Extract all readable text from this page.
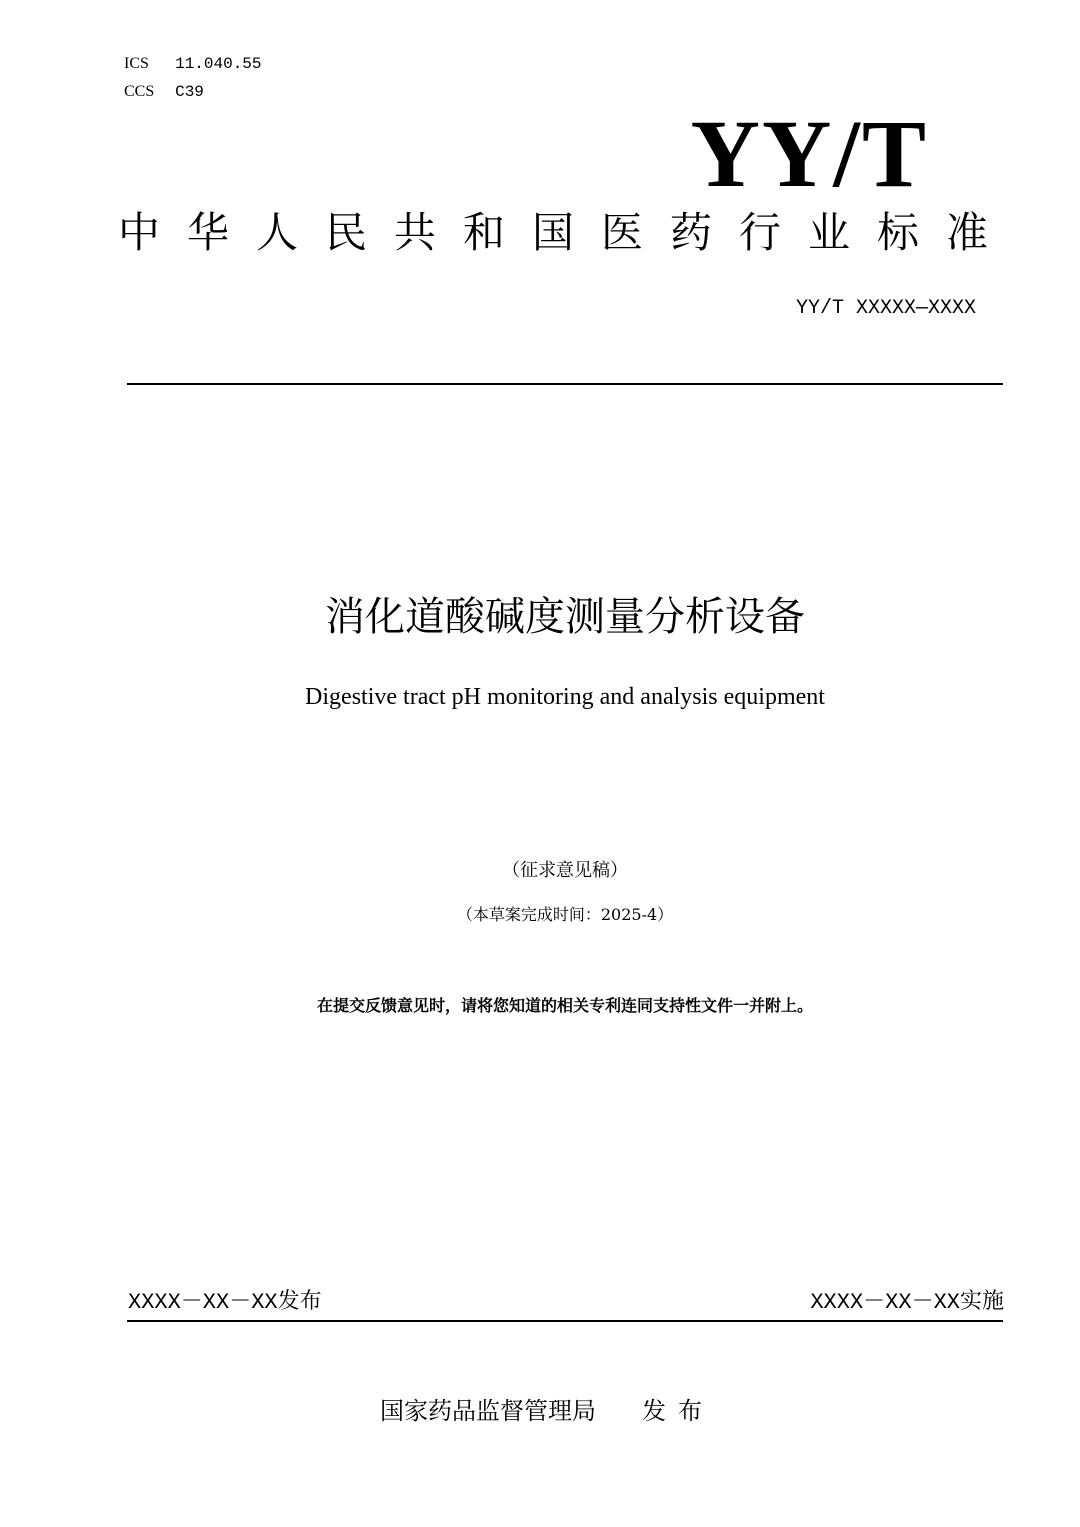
ICS 11.040.55
CCS C39
YY/T
中华人民共和国医药行业标准
YY/T XXXXX—XXXX
消化道酸碱度测量分析设备
Digestive tract pH monitoring and analysis equipment
（征求意见稿）
（本草案完成时间：2025-4）
在提交反馈意见时，请将您知道的相关专利连同支持性文件一并附上。
XXXX－XX－XX发布	XXXX－XX－XX实施
国家药品监督管理局 发布
